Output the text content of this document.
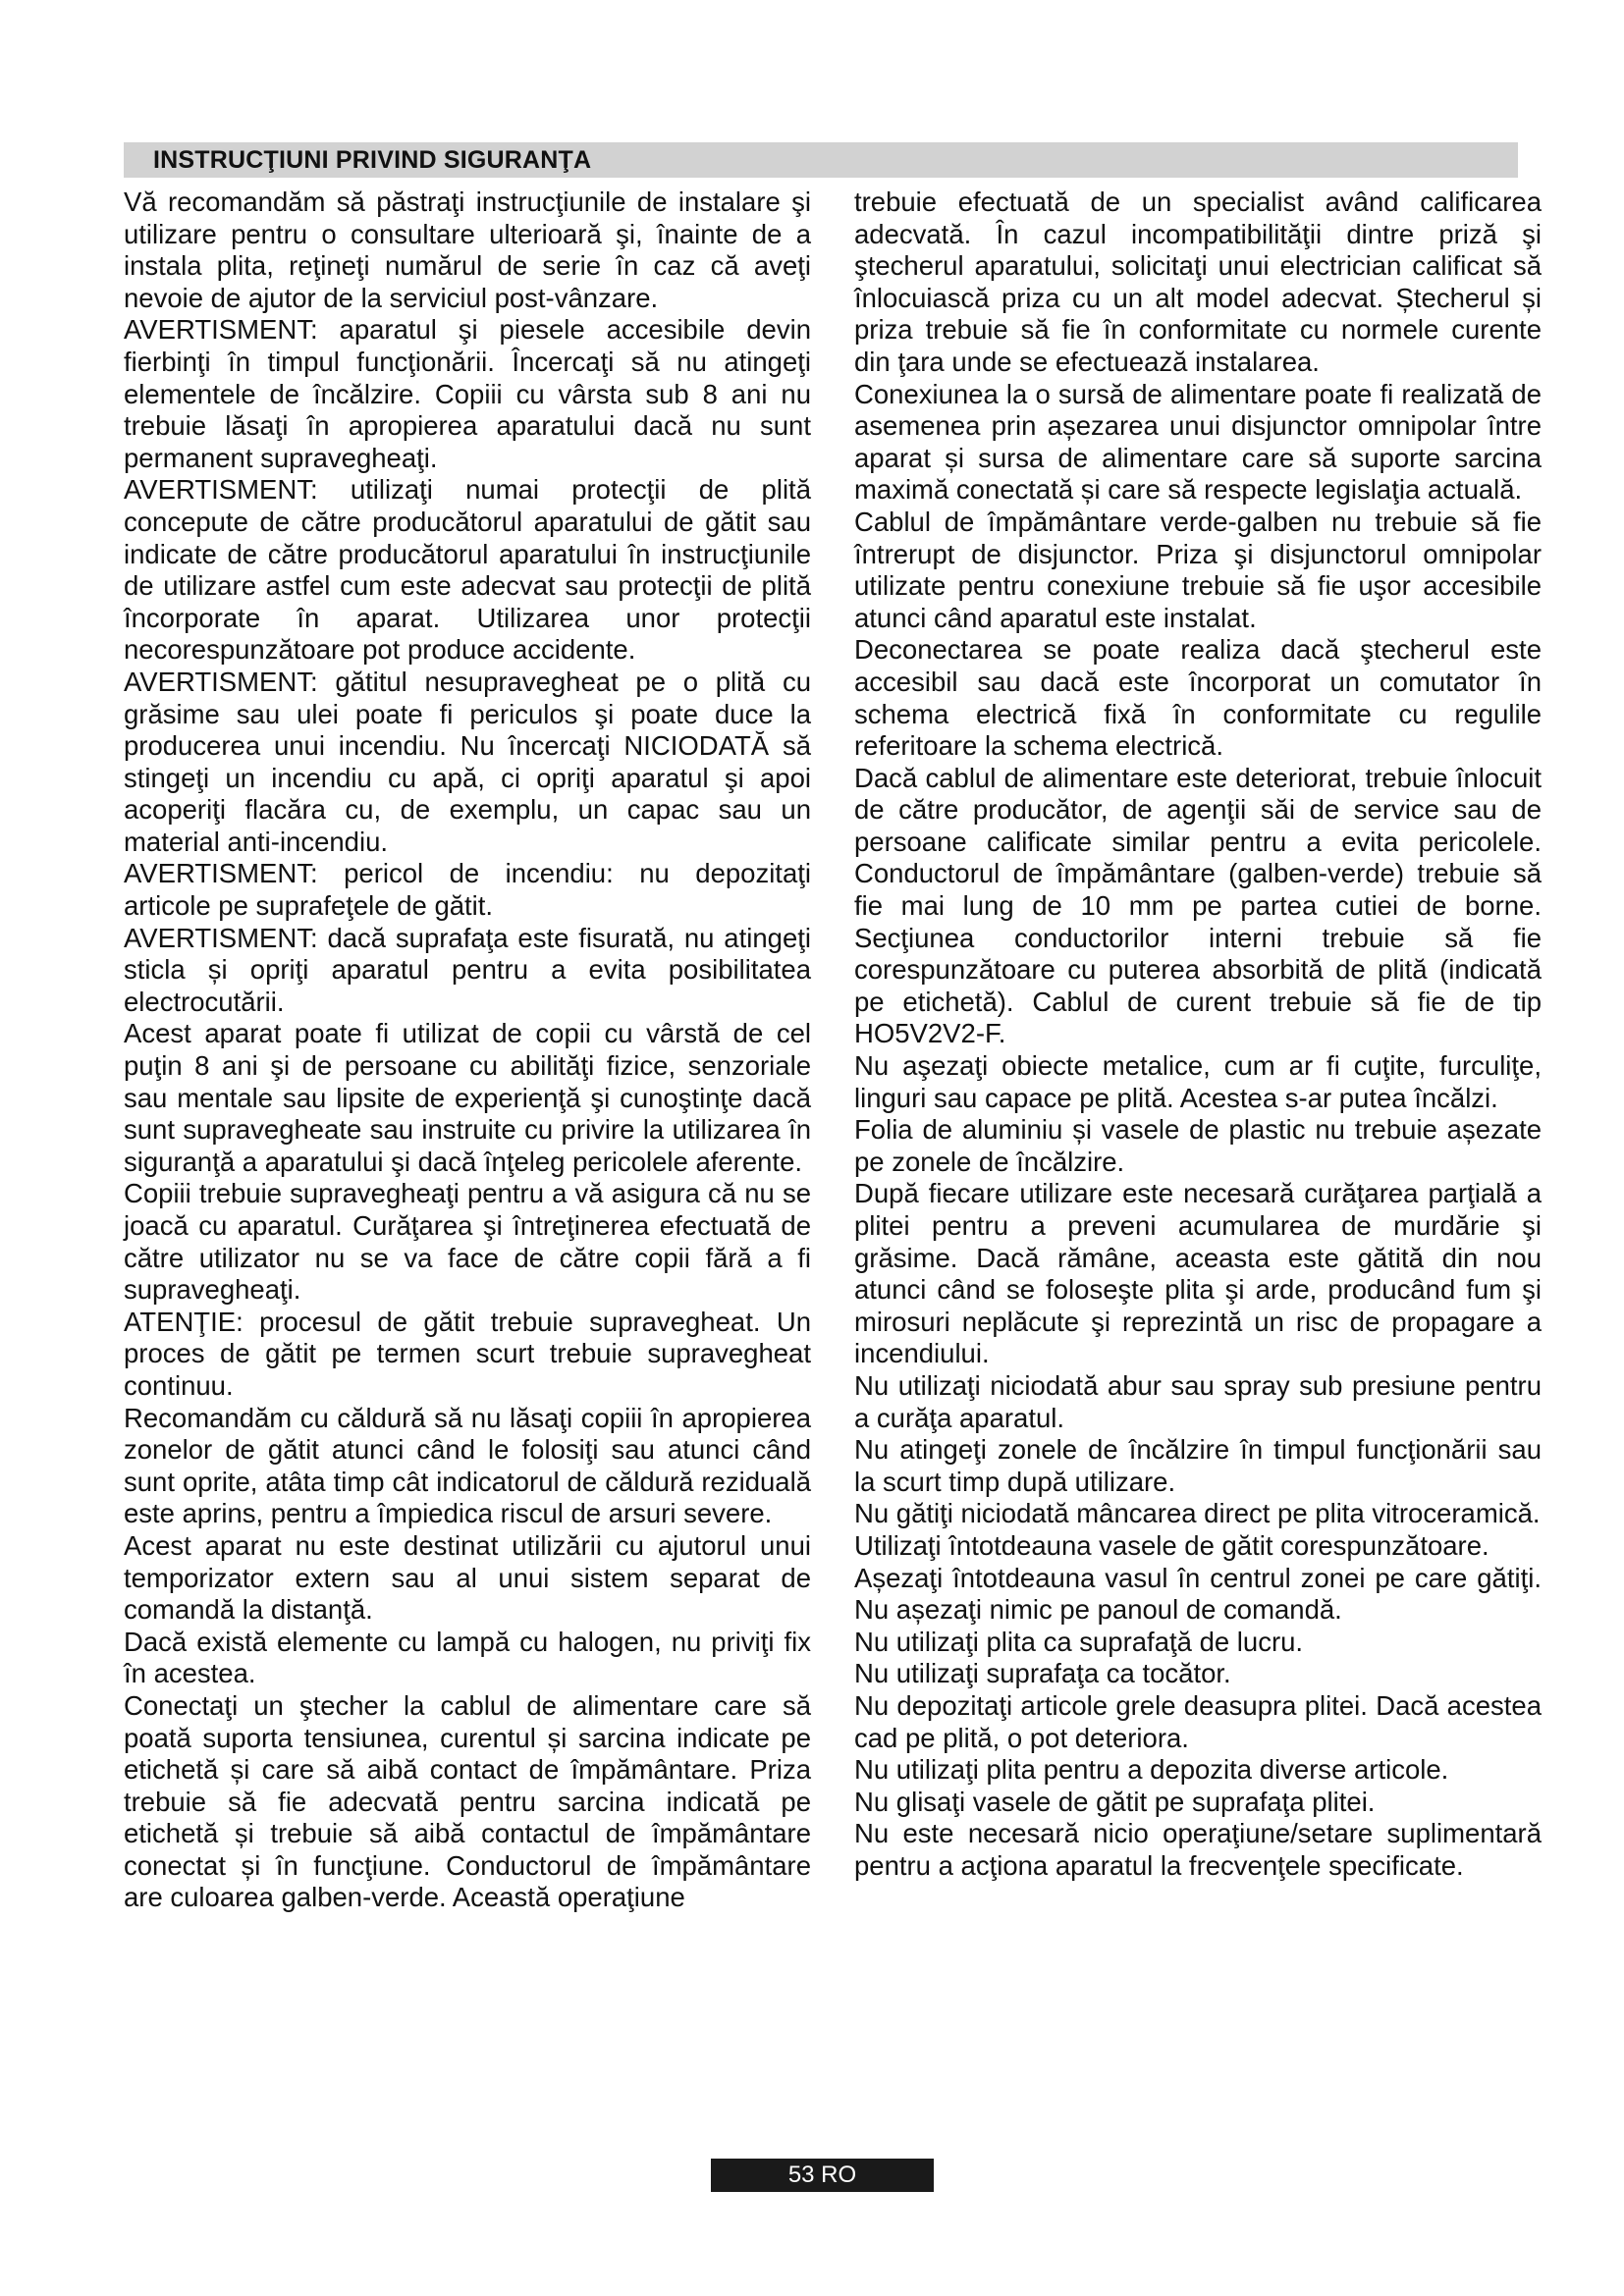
INSTRUCŢIUNI PRIVIND SIGURANŢA

Vă recomandăm să păstraţi instrucţiunile de instalare şi utilizare pentru o consultare ulterioară şi, înainte de a instala plita, reţineţi numărul de serie în caz că aveţi nevoie de ajutor de la serviciul post-vânzare.

AVERTISMENT: aparatul şi piesele accesibile devin fierbinţi în timpul funcţionării. Încercaţi să nu atingeţi elementele de încălzire. Copiii cu vârsta sub 8 ani nu trebuie lăsaţi în apropierea aparatului dacă nu sunt permanent supravegheaţi.

AVERTISMENT: utilizaţi numai protecţii de plită concepute de către producătorul aparatului de gătit sau indicate de către producătorul aparatului în instrucţiunile de utilizare astfel cum este adecvat sau protecţii de plită încorporate în aparat. Utilizarea unor protecţii necorespunzătoare pot produce accidente.

AVERTISMENT: gătitul nesupravegheat pe o plită cu grăsime sau ulei poate fi periculos şi poate duce la producerea unui incendiu. Nu încercaţi NICIODATĂ să stingeţi un incendiu cu apă, ci opriţi aparatul şi apoi acoperiţi flacăra cu, de exemplu, un capac sau un material anti-incendiu.

AVERTISMENT: pericol de incendiu: nu depozitaţi articole pe suprafeţele de gătit.

AVERTISMENT: dacă suprafaţa este fisurată, nu atingeţi sticla și opriţi aparatul pentru a evita posibilitatea electrocutării.

Acest aparat poate fi utilizat de copii cu vârstă de cel puţin 8 ani şi de persoane cu abilităţi fizice, senzoriale sau mentale sau lipsite de experienţă şi cunoştinţe dacă sunt supravegheate sau instruite cu privire la utilizarea în siguranţă a aparatului şi dacă înţeleg pericolele aferente.

Copiii trebuie supravegheaţi pentru a vă asigura că nu se joacă cu aparatul. Curăţarea şi întreţinerea efectuată de către utilizator nu se va face de către copii fără a fi supravegheaţi.

ATENŢIE: procesul de gătit trebuie supravegheat. Un proces de gătit pe termen scurt trebuie supravegheat continuu.

Recomandăm cu căldură să nu lăsaţi copiii în apropierea zonelor de gătit atunci când le folosiţi sau atunci când sunt oprite, atâta timp cât indicatorul de căldură reziduală este aprins, pentru a împiedica riscul de arsuri severe.

Acest aparat nu este destinat utilizării cu ajutorul unui temporizator extern sau al unui sistem separat de comandă la distanţă.

Dacă există elemente cu lampă cu halogen, nu priviţi fix în acestea.

Conectaţi un ştecher la cablul de alimentare care să poată suporta tensiunea, curentul și sarcina indicate pe etichetă și care să aibă contact de împământare. Priza trebuie să fie adecvată pentru sarcina indicată pe etichetă și trebuie să aibă contactul de împământare conectat și în funcţiune. Conductorul de împământare are culoarea galben-verde. Această operaţiune

trebuie efectuată de un specialist având calificarea adecvată. În cazul incompatibilităţii dintre priză şi ştecherul aparatului, solicitaţi unui electrician calificat să înlocuiască priza cu un alt model adecvat. Ștecherul și priza trebuie să fie în conformitate cu normele curente din ţara unde se efectuează instalarea.

Conexiunea la o sursă de alimentare poate fi realizată de asemenea prin așezarea unui disjunctor omnipolar între aparat și sursa de alimentare care să suporte sarcina maximă conectată și care să respecte legislaţia actuală.

Cablul de împământare verde-galben nu trebuie să fie întrerupt de disjunctor. Priza şi disjunctorul omnipolar utilizate pentru conexiune trebuie să fie uşor accesibile atunci când aparatul este instalat.

Deconectarea se poate realiza dacă ştecherul este accesibil sau dacă este încorporat un comutator în schema electrică fixă în conformitate cu regulile referitoare la schema electrică.

Dacă cablul de alimentare este deteriorat, trebuie înlocuit de către producător, de agenţii săi de service sau de persoane calificate similar pentru a evita pericolele. Conductorul de împământare (galben-verde) trebuie să fie mai lung de 10 mm pe partea cutiei de borne. Secţiunea conductorilor interni trebuie să fie corespunzătoare cu puterea absorbită de plită (indicată pe etichetă). Cablul de curent trebuie să fie de tip HO5V2V2-F.

Nu aşezaţi obiecte metalice, cum ar fi cuţite, furculiţe, linguri sau capace pe plită. Acestea s-ar putea încălzi.

Folia de aluminiu și vasele de plastic nu trebuie așezate pe zonele de încălzire.

După fiecare utilizare este necesară curăţarea parţială a plitei pentru a preveni acumularea de murdărie şi grăsime. Dacă rămâne, aceasta este gătită din nou atunci când se foloseşte plita şi arde, producând fum şi mirosuri neplăcute şi reprezintă un risc de propagare a incendiului.

Nu utilizaţi niciodată abur sau spray sub presiune pentru a curăţa aparatul.

Nu atingeţi zonele de încălzire în timpul funcţionării sau la scurt timp după utilizare.

Nu gătiţi niciodată mâncarea direct pe plita vitroceramică.

Utilizaţi întotdeauna vasele de gătit corespunzătoare.

Așezaţi întotdeauna vasul în centrul zonei pe care gătiţi. Nu așezaţi nimic pe panoul de comandă.

Nu utilizaţi plita ca suprafaţă de lucru.

Nu utilizaţi suprafaţa ca tocător.

Nu depozitaţi articole grele deasupra plitei. Dacă acestea cad pe plită, o pot deteriora.

Nu utilizaţi plita pentru a depozita diverse articole.

Nu glisaţi vasele de gătit pe suprafaţa plitei.

Nu este necesară nicio operaţiune/setare suplimentară pentru a acţiona aparatul la frecvenţele specificate.

53 RO
